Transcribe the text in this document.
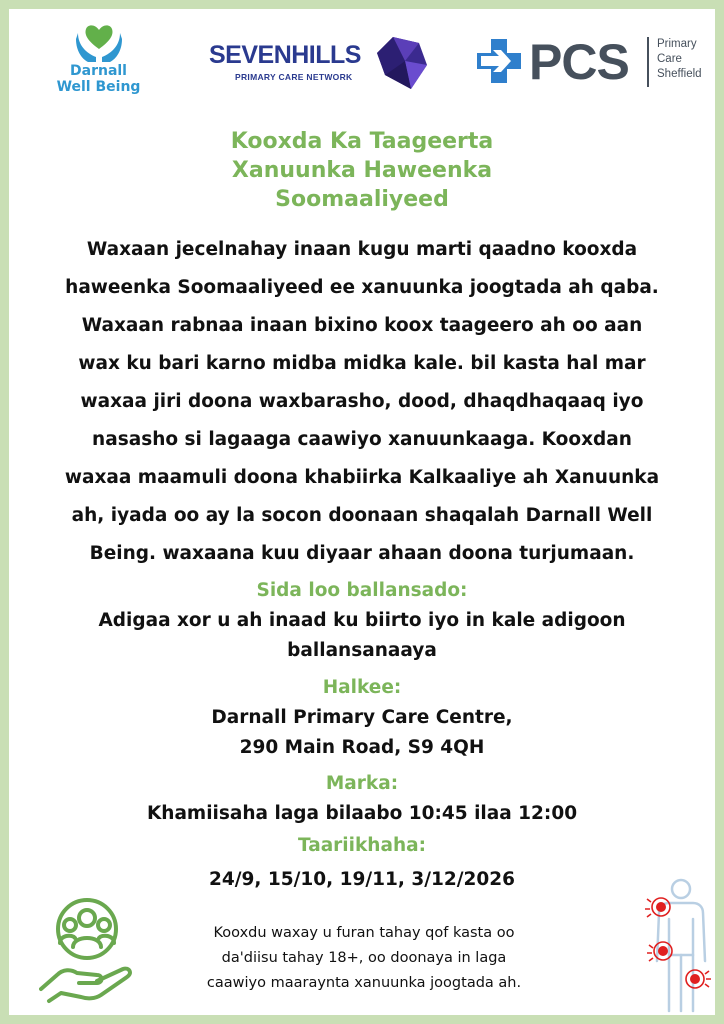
Darnall
Well Being
SEVENHILLS
PRIMARY CARE NETWORK	PCS Primary
Care
Sheffield
Kooxda Ka Taageerta
Xanuunka Haweenka
Soomaaliyeed
Waxaan jecelnahay inaan kugu marti qaadno kooxda
haweenka Soomaaliyeed ee xanuunka joogtada ah qaba.
Waxaan rabnaa inaan bixino koox taageero ah oo aan
wax ku bari karno midba midka kale. bil kasta hal mar
waxaa jiri doona waxbarasho, dood, dhaqdhaqaaq iyo
nasasho si lagaaga caawiyo xanuunkaaga. Kooxdan
waxaa maamuli doona khabiirka Kalkaaliye ah Xanuunka
ah, iyada oo ay la socon doonaan shaqalah Darnall Well
Being. waxaana kuu diyaar ahaan doona turjumaan.
Sida loo ballansado:
Adigaa xor u ah inaad ku biirto iyo in kale adigoon
ballansanaaya
Halkee:
Darnall Primary Care Centre,
290 Main Road, S9 4QH
Marka:
Khamiisaha laga bilaabo 10:45 ilaa 12:00
Taariikhaha:
24/9, 15/10, 19/11, 3/12/2026
Kooxdu waxay u furan tahay qof kasta oo
da'diisu tahay 18+, oo doonaya in laga
caawiyo maaraynta xanuunka joogtada ah.
